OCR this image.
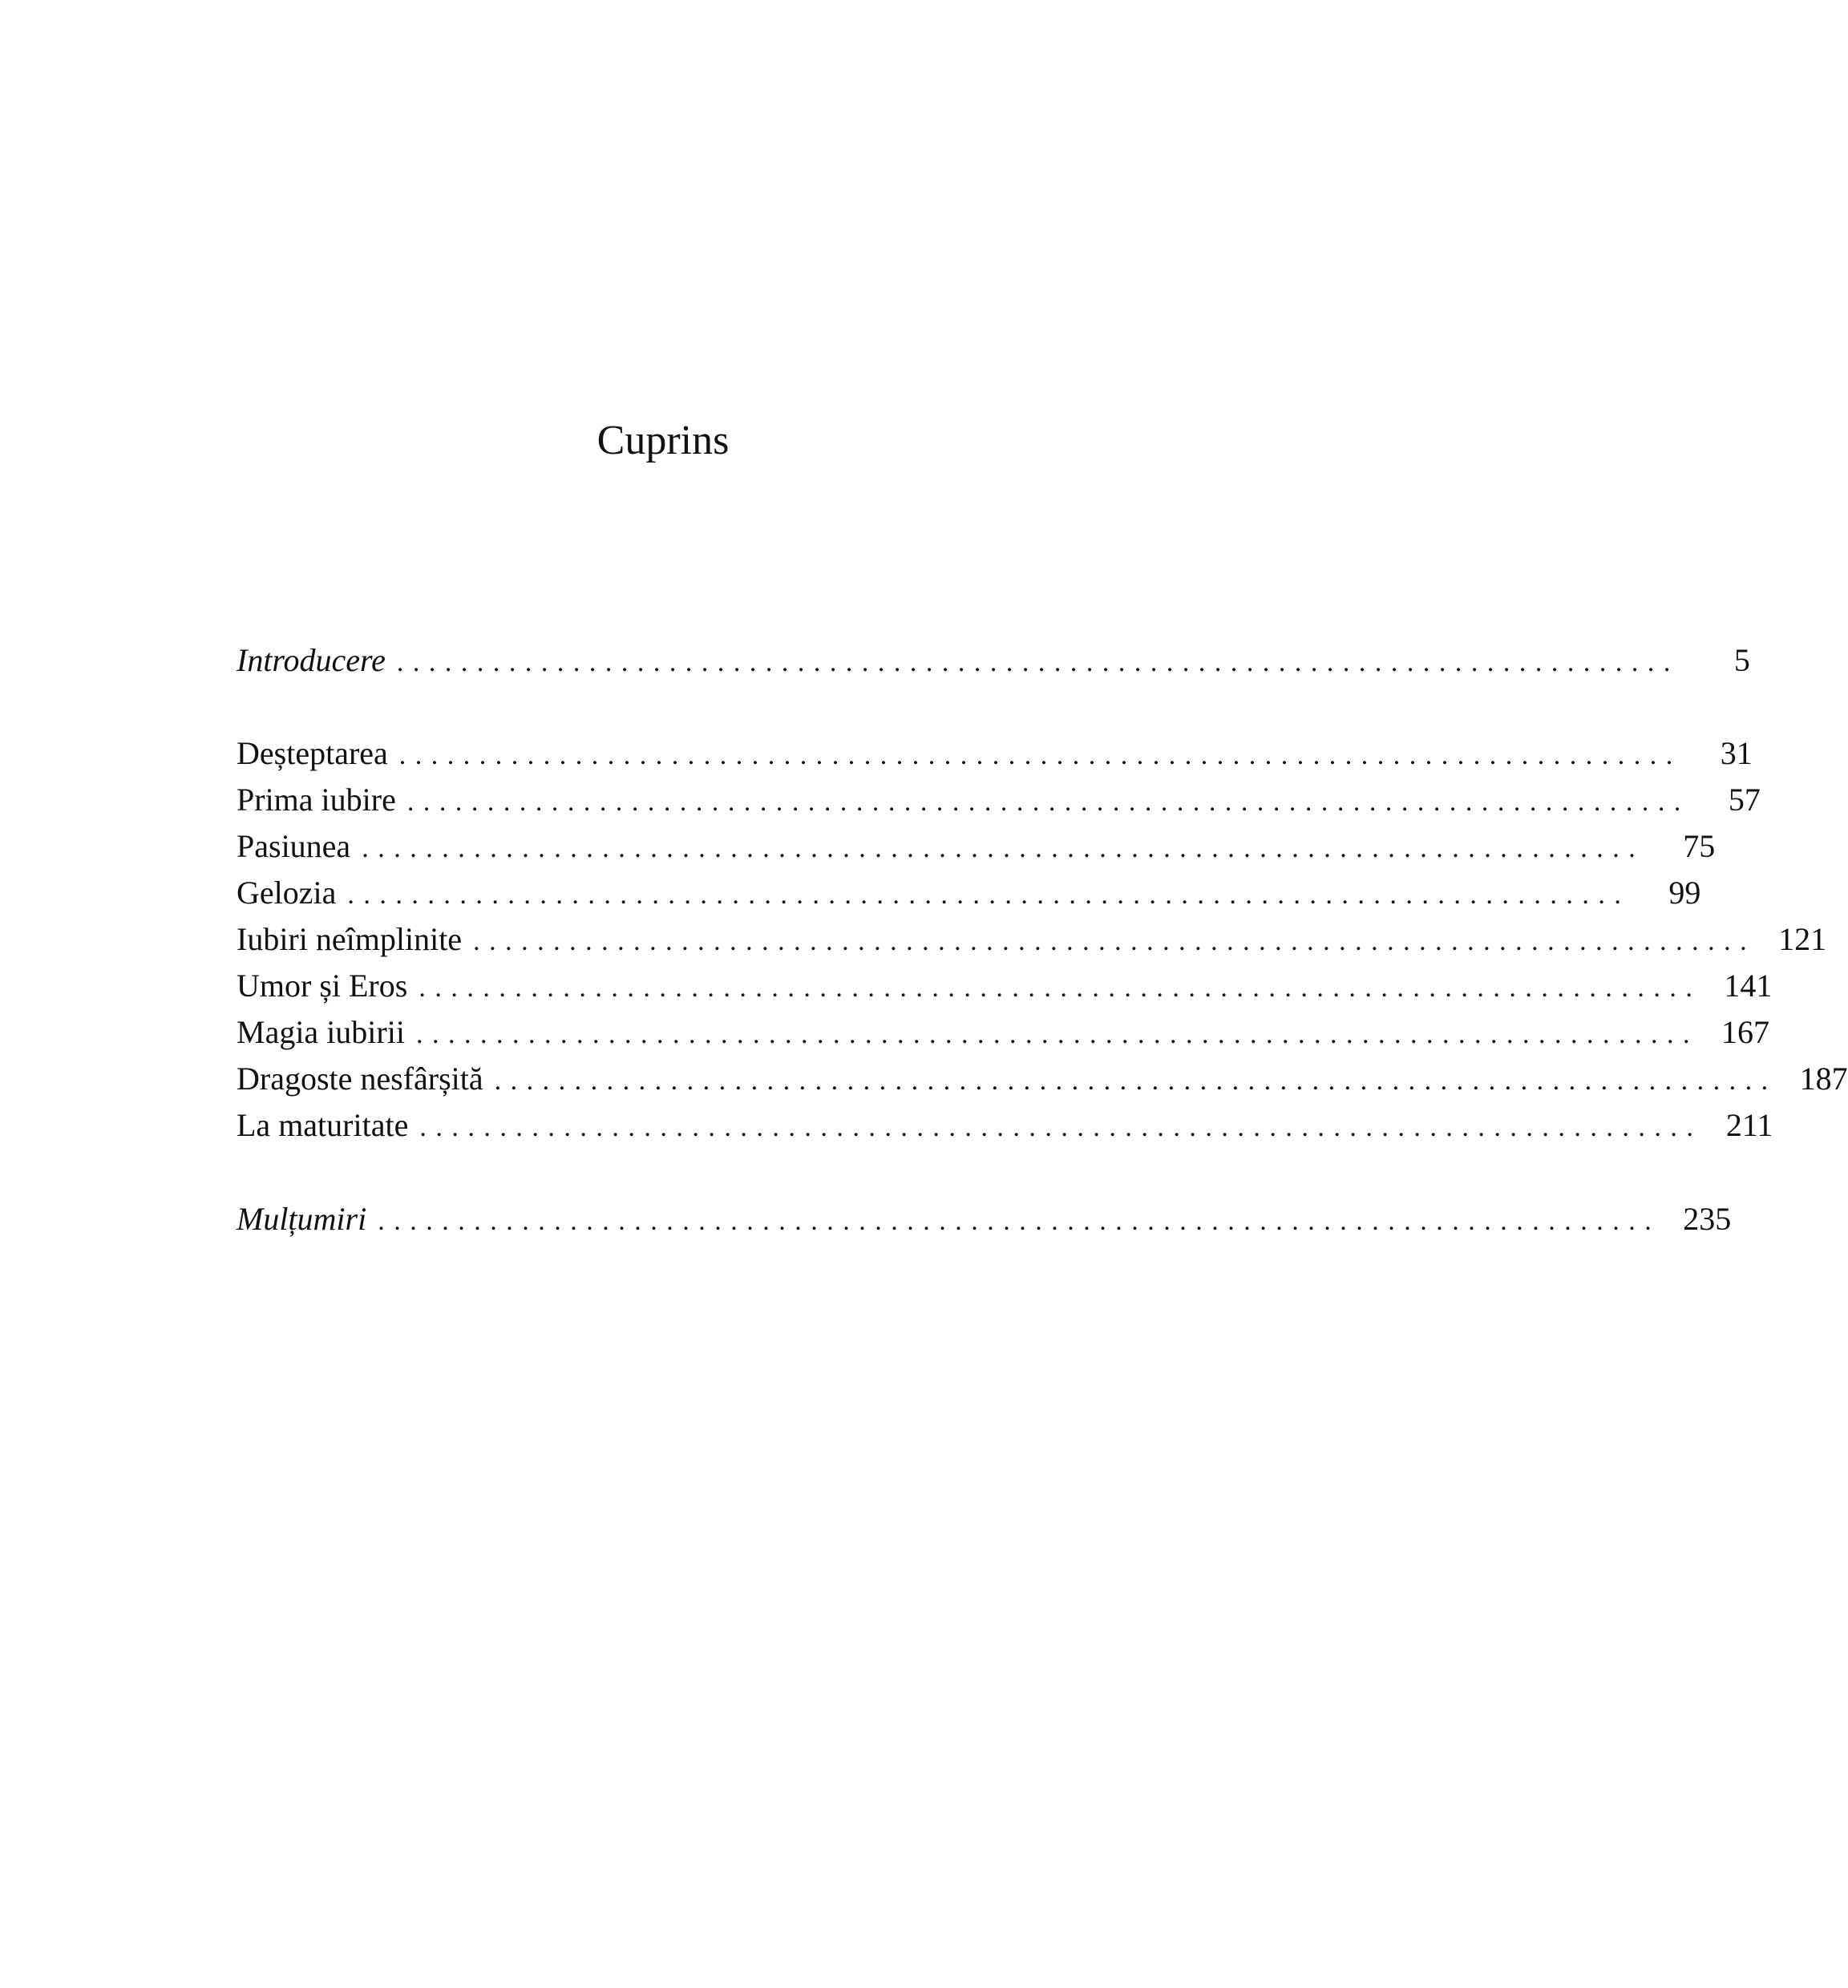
Cuprins
Introducere ................................................................................	5
Deșteptarea ................................................................................	31
Prima iubire ................................................................................	57
Pasiunea ................................................................................	75
Gelozia ................................................................................	99
Iubiri neîmplinite ................................................................................ 121
Umor și Eros ................................................................................ 141
Magia iubirii ................................................................................ 167
Dragoste nesfârșită ................................................................................ 187
La maturitate ................................................................................ 211
Mulțumiri ................................................................................ 235
